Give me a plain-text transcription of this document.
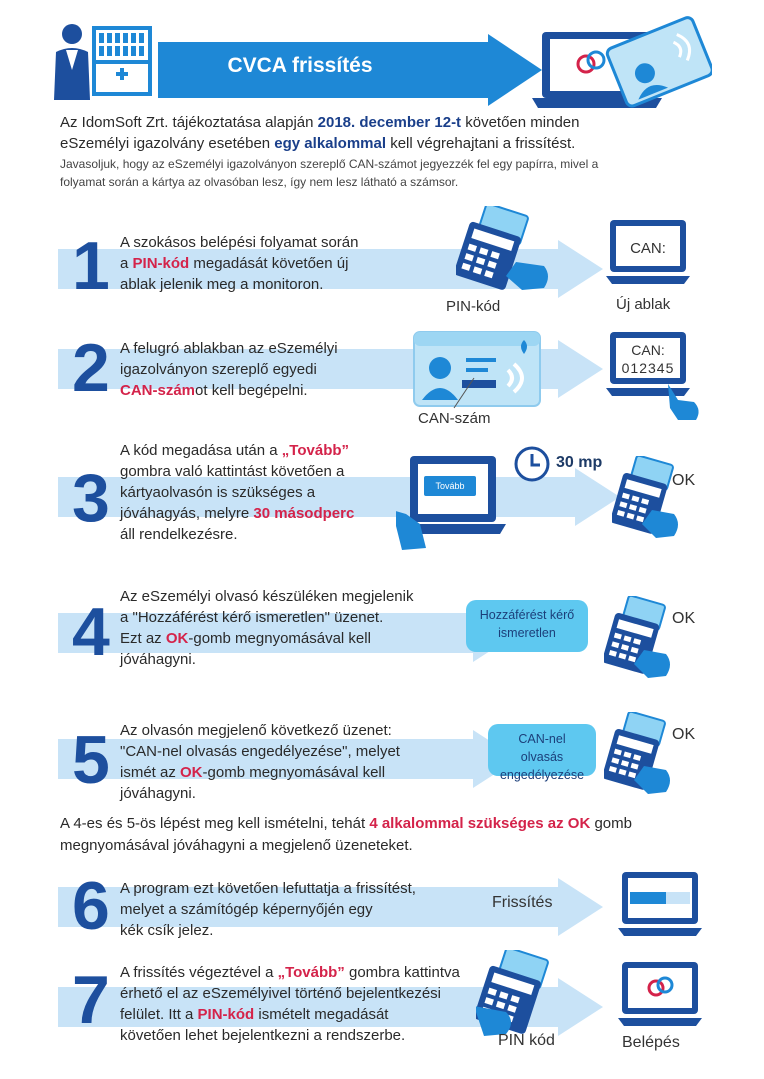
CVCA frissítés
Az IdomSoft Zrt. tájékoztatása alapján 2018. december 12-t követően minden
eSzemélyi igazolvány esetében egy alkalommal kell végrehajtani a frissítést.
Javasoljuk, hogy az eSzemélyi igazolványon szereplő CAN-számot jegyezzék fel egy papírra, mivel a
folyamat során a kártya az olvasóban lesz, így nem lesz látható a számsor.
1 A szokásos belépési folyamat során
a PIN-kód megadását követően új
ablak jelenik meg a monitoron.
PIN-kód
CAN:
Új ablak
2 A felugró ablakban az eSzemélyi
igazolványon szereplő egyedi
CAN-számot kell begépelni.
CAN-szám
CAN:
012345
3
A kód megadása után a „Tovább”
gombra való kattintást követően a
kártyaolvasón is szükséges a
jóváhagyás, melyre 30 másodperc
áll rendelkezésre.
Tovább
30 mp
OK
4 Az eSzemélyi olvasó készüléken megjelenik
a "Hozzáférést kérő ismeretlen" üzenet.
Ezt az OK-gomb megnyomásával kell
jóváhagyni.
Hozzáférést kérő
ismeretlen
OK
5 Az olvasón megjelenő következő üzenet:
"CAN-nel olvasás engedélyezése", melyet
ismét az OK-gomb megnyomásával kell
jóváhagyni.
CAN-nel olvasás
engedélyezése
OK
A 4-es és 5-ös lépést meg kell ismételni, tehát 4 alkalommal szükséges az OK gomb
megnyomásával jóváhagyni a megjelenő üzeneteket.
6 A program ezt követően lefuttatja a frissítést,
melyet a számítógép képernyőjén egy
kék csík jelez.
Frissítés
7 A frissítés végeztével a „Tovább” gombra kattintva
érhető el az eSzemélyivel történő bejelentkezési
felület. Itt a PIN-kód ismételt megadását
követően lehet bejelentkezni a rendszerbe.	PIN kód	Belépés
